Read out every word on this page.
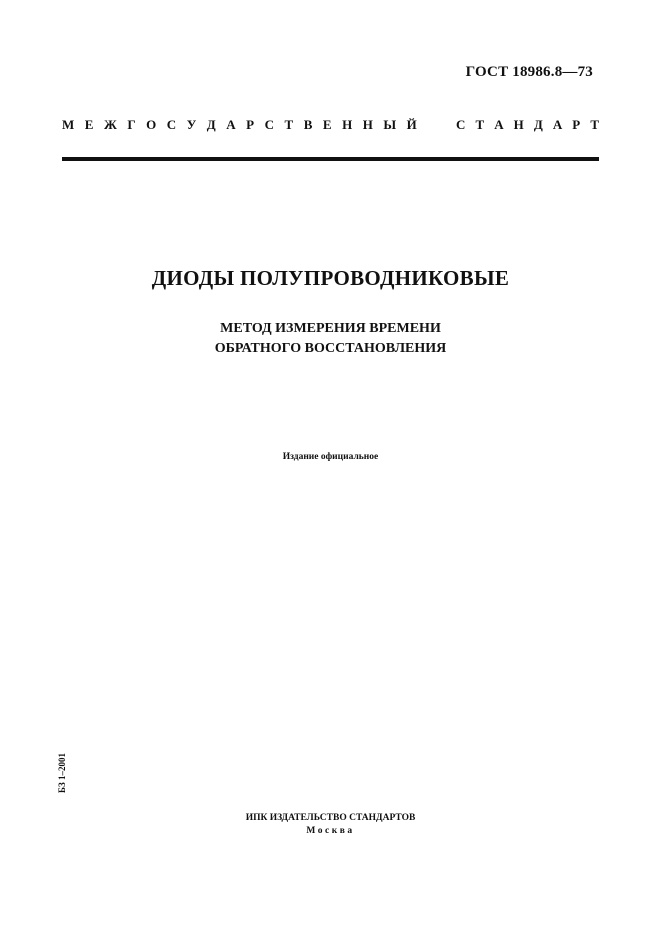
ГОСТ 18986.8—73
М Е Ж Г О С У Д А Р С Т В Е Н Н Ы Й	С Т А Н Д А Р Т
ДИОДЫ ПОЛУПРОВОДНИКОВЫЕ
МЕТОД ИЗМЕРЕНИЯ ВРЕМЕНИ
ОБРАТНОГО ВОССТАНОВЛЕНИЯ
Издание официальное
БЗ 1–2001
ИПК ИЗДАТЕЛЬСТВО СТАНДАРТОВ
Москва
